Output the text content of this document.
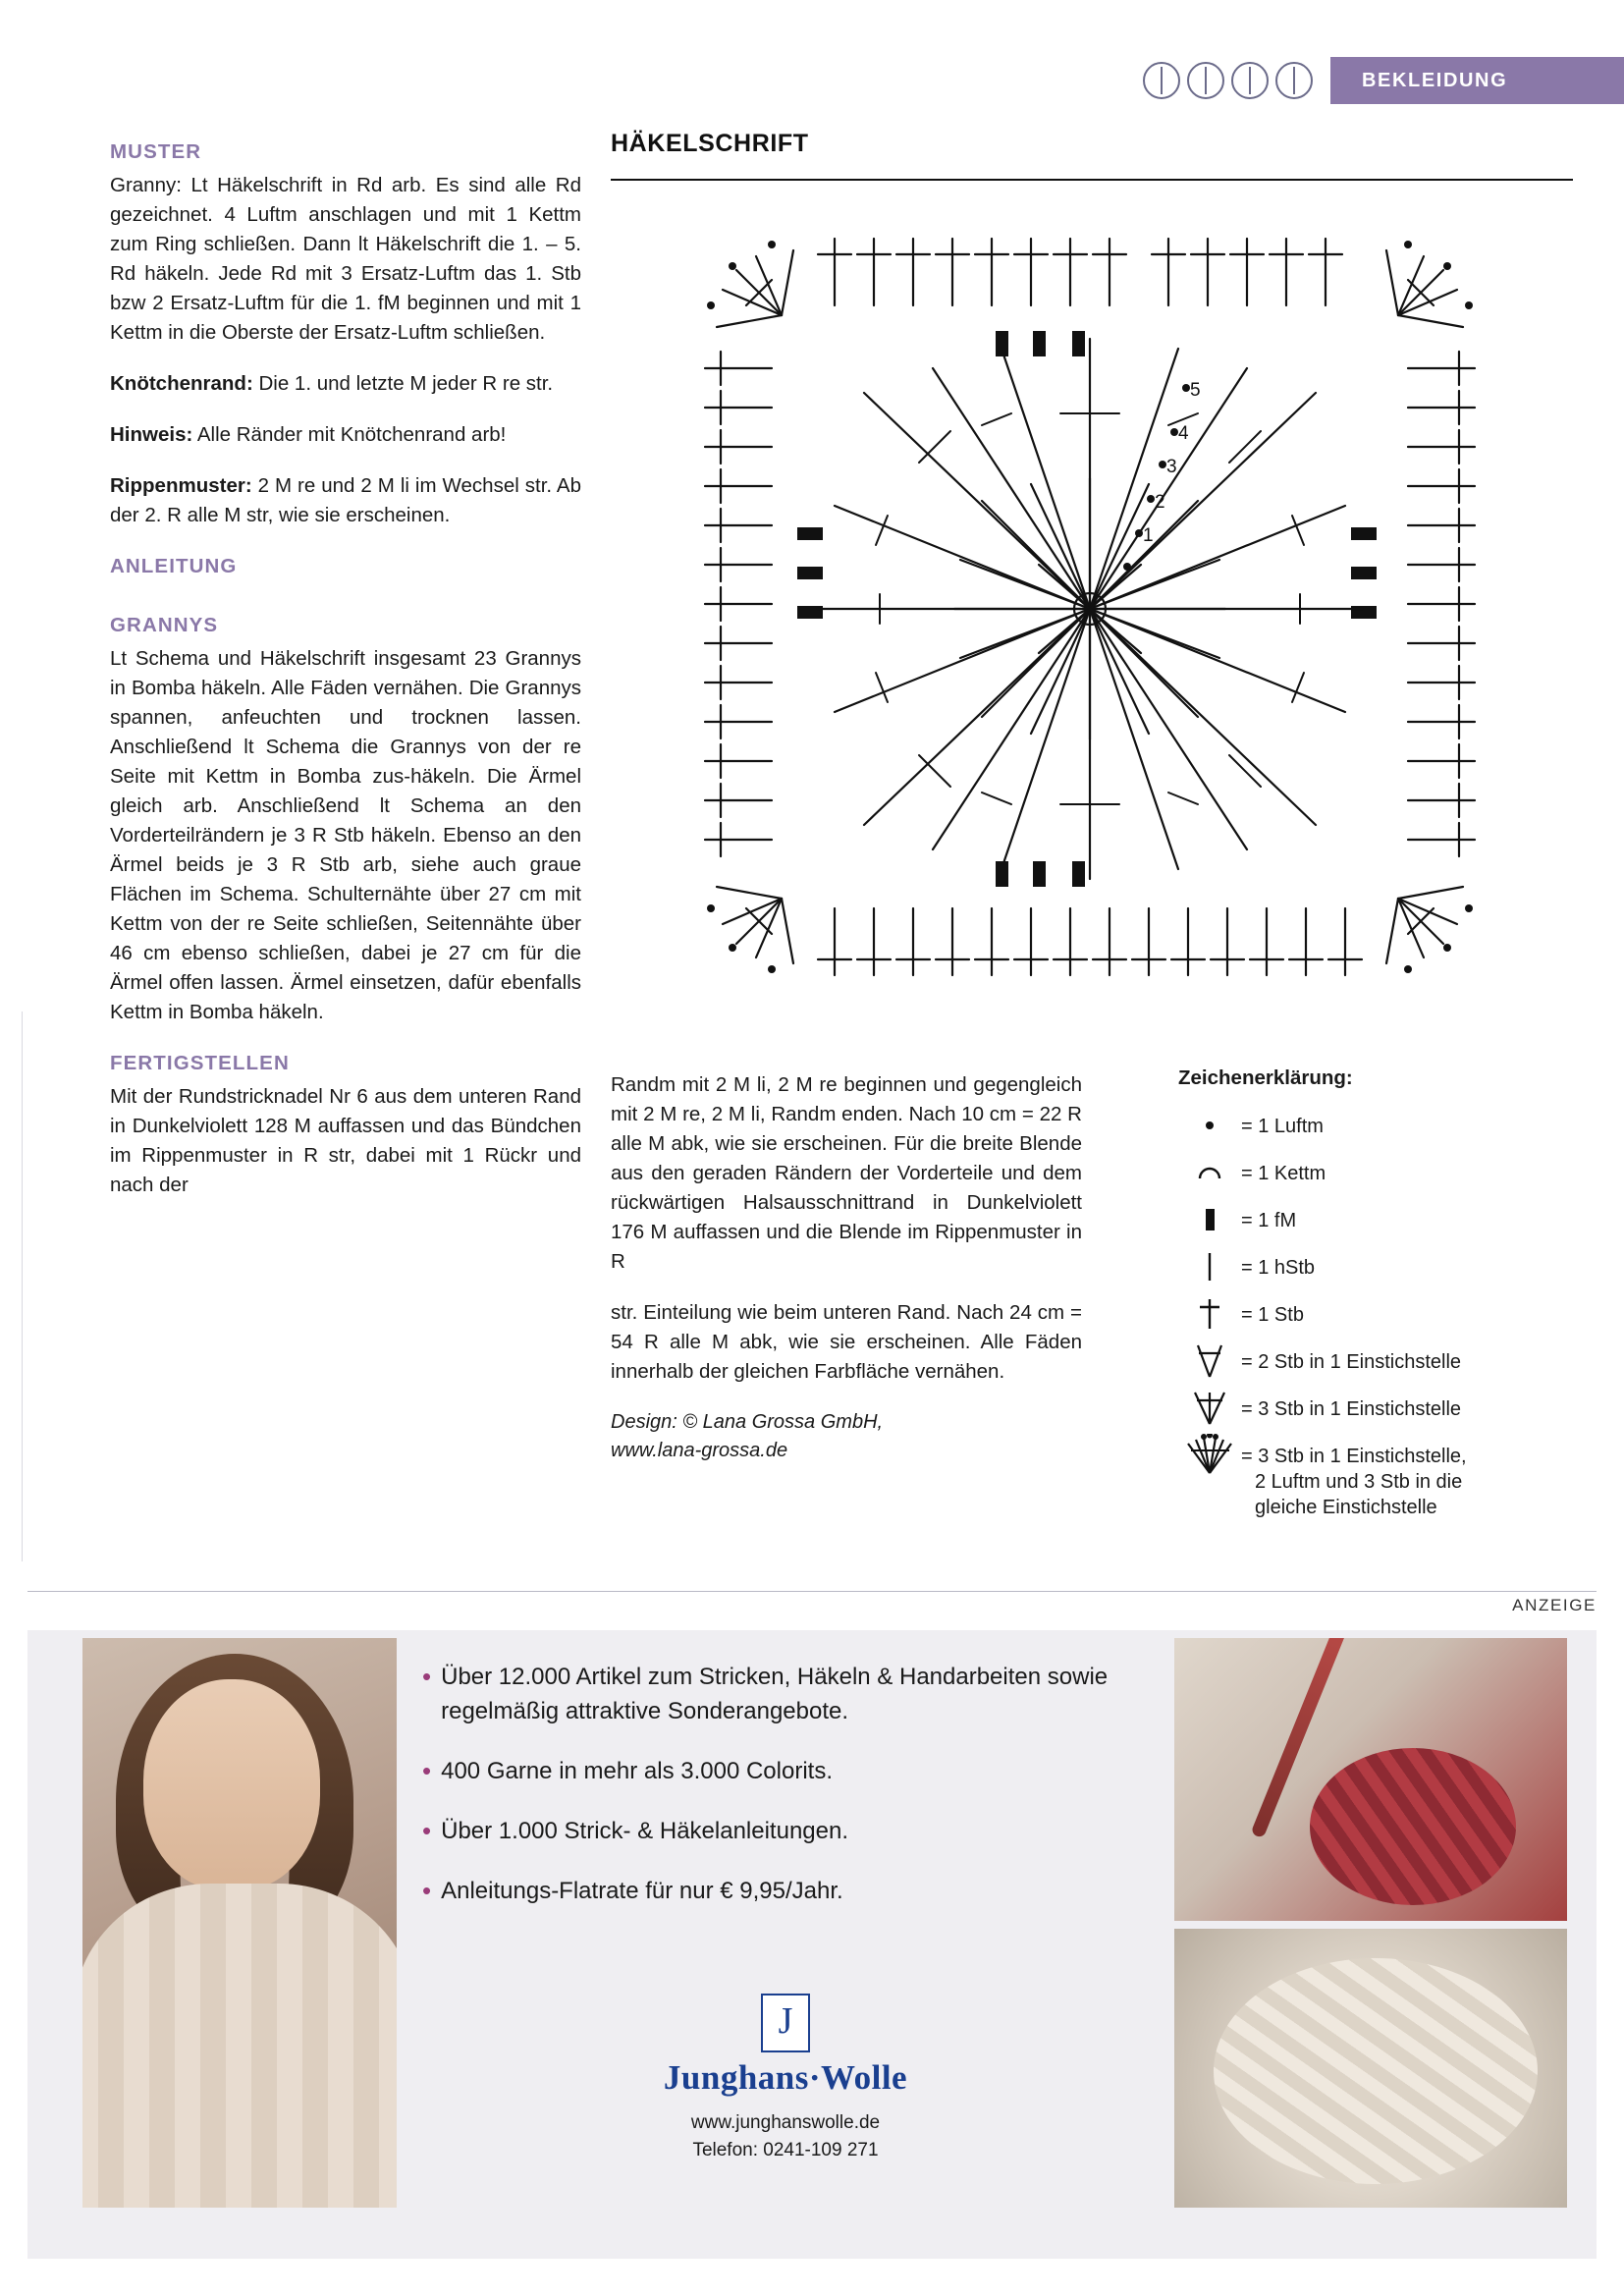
BEKLEIDUNG
MUSTER

Granny: Lt Häkelschrift in Rd arb. Es sind alle Rd gezeichnet. 4 Luftm anschlagen und mit 1 Kettm zum Ring schließen. Dann lt Häkelschrift die 1. – 5. Rd häkeln. Jede Rd mit 3 Ersatz-Luftm das 1. Stb bzw 2 Ersatz-Luftm für die 1. fM beginnen und mit 1 Kettm in die Oberste der Ersatz-Luftm schließen.

Knötchenrand: Die 1. und letzte M jeder R re str.

Hinweis: Alle Ränder mit Knötchenrand arb!

Rippenmuster: 2 M re und 2 M li im Wechsel str. Ab der 2. R alle M str, wie sie erscheinen.

ANLEITUNG
GRANNYS

Lt Schema und Häkelschrift insgesamt 23 Grannys in Bomba häkeln. Alle Fäden vernähen. Die Grannys spannen, anfeuchten und trocknen lassen. Anschließend lt Schema die Grannys von der re Seite mit Kettm in Bomba zus-häkeln. Die Ärmel gleich arb. Anschließend lt Schema an den Vorderteilrändern je 3 R Stb häkeln. Ebenso an den Ärmel beids je 3 R Stb arb, siehe auch graue Flächen im Schema. Schulternähte über 27 cm mit Kettm von der re Seite schließen, Seitennähte über 46 cm ebenso schließen, dabei je 27 cm für die Ärmel offen lassen. Ärmel einsetzen, dafür ebenfalls Kettm in Bomba häkeln.

FERTIGSTELLEN

Mit der Rundstricknadel Nr 6 aus dem unteren Rand in Dunkelviolett 128 M auffassen und das Bündchen im Rippenmuster in R str, dabei mit 1 Rückr und nach der

HÄKELSCHRIFT
5
4
3
2
1

Randm mit 2 M li, 2 M re beginnen und gegengleich mit 2 M re, 2 M li, Randm enden. Nach 10 cm = 22 R alle M abk, wie sie erscheinen. Für die breite Blende aus den geraden Rändern der Vorderteile und dem rückwärtigen Halsausschnittrand in Dunkelviolett 176 M auffassen und die Blende im Rippenmuster in R

str. Einteilung wie beim unteren Rand. Nach 24 cm = 54 R alle M abk, wie sie erscheinen. Alle Fäden innerhalb der gleichen Farbfläche vernähen.

Design: © Lana Grossa GmbH,
www.lana-grossa.de
Zeichenerklärung:
= 1 Luftm
= 1 Kettm
= 1 fM
= 1 hStb
= 1 Stb
= 2 Stb in 1 Einstichstelle
= 3 Stb in 1 Einstichstelle
= 3 Stb in 1 Einstichstelle,
2 Luftm und 3 Stb in die
gleiche Einstichstelle
ANZEIGE
• Über 12.000 Artikel zum Stricken, Häkeln & Handarbeiten sowie regelmäßig attraktive Sonderangebote.
• 400 Garne in mehr als 3.000 Colorits.
• Über 1.000 Strick- & Häkelanleitungen.
• Anleitungs-Flatrate für nur € 9,95/Jahr.
J
Junghans·Wolle
www.junghanswolle.de
Telefon: 0241-109 271
